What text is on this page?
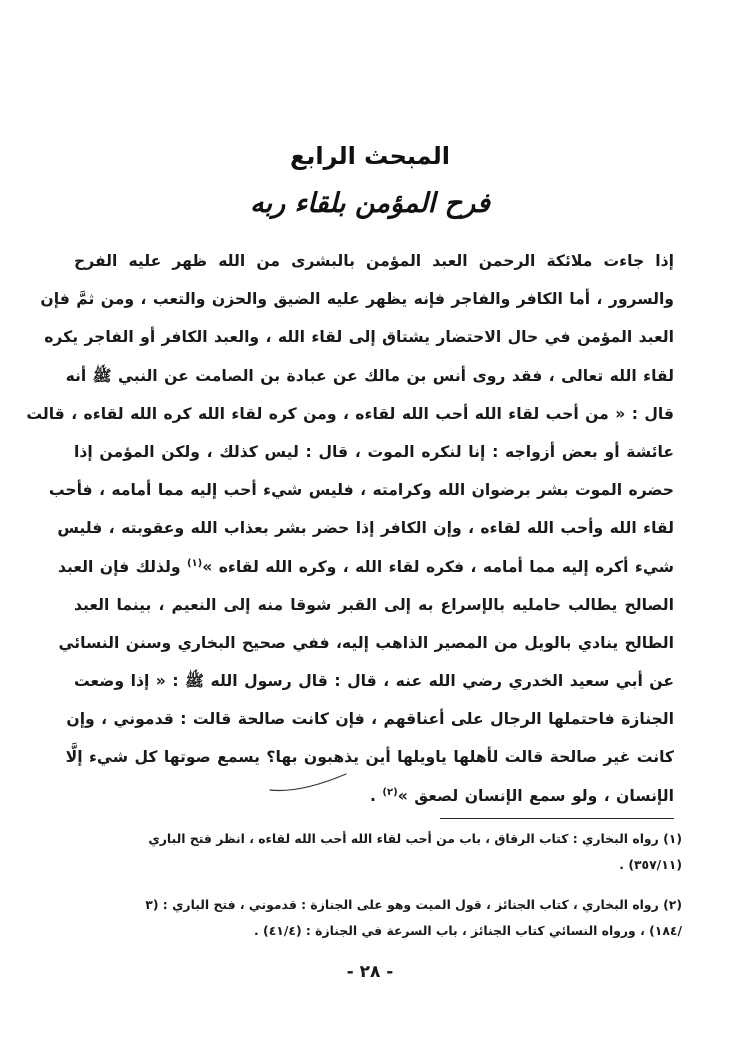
المبحث الرابع
فرح المؤمن بلقاء ربه
إذا جاءت ملائكة الرحمن العبد المؤمن بالبشرى من الله ظهر عليه الفرح
والسرور ، أما الكافر والفاجر فإنه يظهر عليه الضيق والحزن والتعب ، ومن ثمَّ فإن
العبد المؤمن في حال الاحتضار يشتاق إلى لقاء الله ، والعبد الكافر أو الفاجر يكره
لقاء الله تعالى ، فقد روى أنس بن مالك عن عبادة بن الصامت عن النبي ﷺ أنه
قال : « من أحب لقاء الله أحب الله لقاءه ، ومن كره لقاء الله كره الله لقاءه ، قالت
عائشة أو بعض أزواجه : إنا لنكره الموت ، قال : ليس كذلك ، ولكن المؤمن إذا
حضره الموت بشر برضوان الله وكرامته ، فليس شيء أحب إليه مما أمامه ، فأحب
لقاء الله وأحب الله لقاءه ، وإن الكافر إذا حضر بشر بعذاب الله وعقوبته ، فليس
شيء أكره إليه مما أمامه ، فكره لقاء الله ، وكره الله لقاءه »$^{(١)}$ ولذلك فإن العبد
الصالح يطالب حامليه بالإسراع به إلى القبر شوقا منه إلى النعيم ، بينما العبد
الطالح ينادي بالويل من المصير الذاهب إليه، ففي صحيح البخاري وسنن النسائي
عن أبي سعيد الخدري رضي الله عنه ، قال : قال رسول الله ﷺ : « إذا وضعت
الجنازة فاحتملها الرجال على أعناقهم ، فإن كانت صالحة قالت : قدموني ، وإن
كانت غير صالحة قالت لأهلها ياويلها أين يذهبون بها؟ يسمع صوتها كل شيء إلَّا
الإنسان ، ولو سمع الإنسان لصعق »$^{(٢)}$ .
(١) رواه البخاري : كتاب الرقاق ، باب من أحب لقاء الله أحب الله لقاءه ، انظر فتح الباري
(٣٥٧/١١) .
(٢) رواه البخاري ، كتاب الجنائز ، قول الميت وهو على الجنازة : قدموني ، فتح الباري : (٣
/١٨٤) ، ورواه النسائي كتاب الجنائز ، باب السرعة في الجنازة : (٤١/٤) .
- ٢٨ -
